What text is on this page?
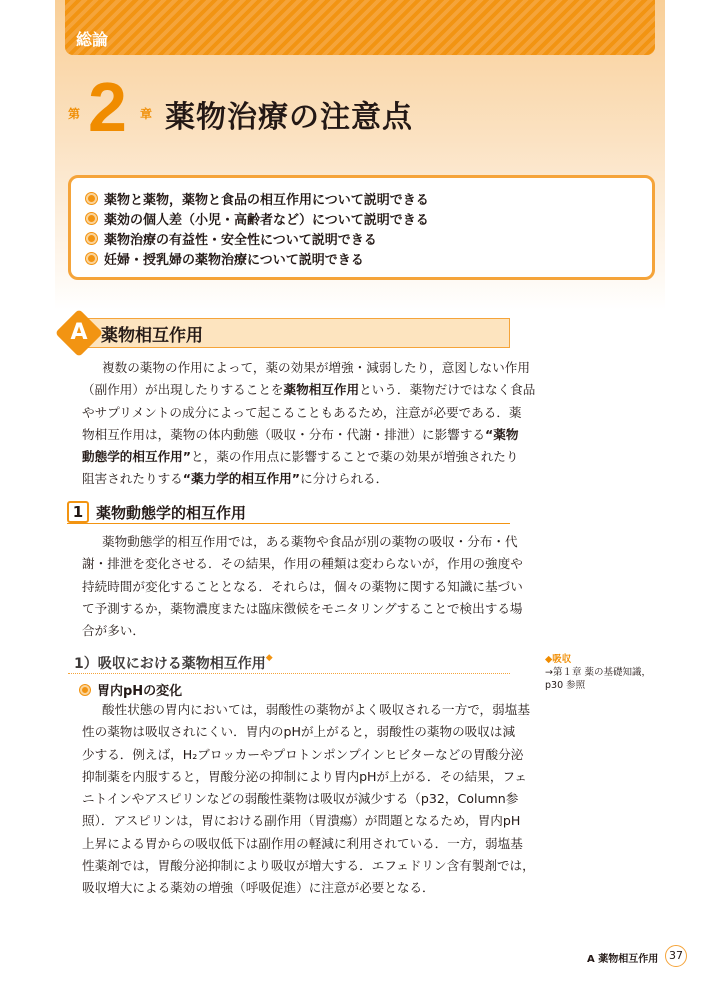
総論
第 2 章 薬物治療の注意点
薬物と薬物，薬物と食品の相互作用について説明できる
薬効の個人差（小児・高齢者など）について説明できる
薬物治療の有益性・安全性について説明できる
妊婦・授乳婦の薬物治療について説明できる
A 薬物相互作用
複数の薬物の作用によって，薬の効果が増強・減弱したり，意図しない作用
（副作用）が出現したりすることを薬物相互作用という．薬物だけではなく食品
やサプリメントの成分によって起こることもあるため，注意が必要である．薬
物相互作用は，薬物の体内動態（吸収・分布・代謝・排泄）に影響する“薬物
動態学的相互作用”と，薬の作用点に影響することで薬の効果が増強されたり
阻害されたりする“薬力学的相互作用”に分けられる．
1 薬物動態学的相互作用
薬物動態学的相互作用では，ある薬物や食品が別の薬物の吸収・分布・代
謝・排泄を変化させる．その結果，作用の種類は変わらないが，作用の強度や
持続時間が変化することとなる．それらは，個々の薬物に関する知識に基づい
て予測するか，薬物濃度または臨床徴候をモニタリングすることで検出する場
合が多い．
1）吸収における薬物相互作用◆
胃内pHの変化
酸性状態の胃内においては，弱酸性の薬物がよく吸収される一方で，弱塩基
性の薬物は吸収されにくい．胃内のpHが上がると，弱酸性の薬物の吸収は減
少する．例えば，H₂ブロッカーやプロトンポンプインヒビターなどの胃酸分泌
抑制薬を内服すると，胃酸分泌の抑制により胃内pHが上がる．その結果，フェ
ニトインやアスピリンなどの弱酸性薬物は吸収が減少する（p32，Column参
照）．アスピリンは，胃における副作用（胃潰瘍）が問題となるため，胃内pH
上昇による胃からの吸収低下は副作用の軽減に利用されている．一方，弱塩基
性薬剤では，胃酸分泌抑制により吸収が増大する．エフェドリン含有製剤では，
吸収増大による薬効の増強（呼吸促進）に注意が必要となる．
◆吸収
→第１章 薬の基礎知識，
p30 参照
A 薬物相互作用 37
